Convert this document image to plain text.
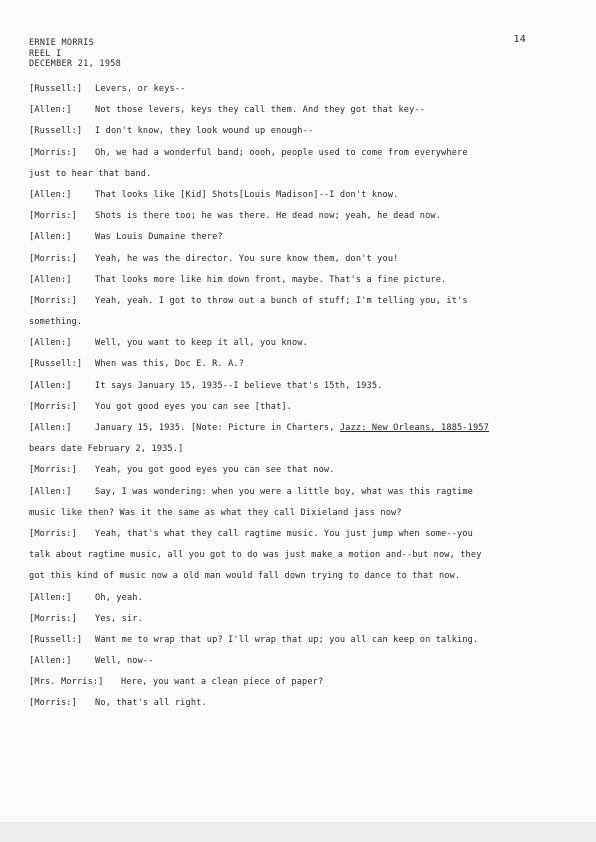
14
ERNIE MORRIS
REEL I
DECEMBER 21, 1958
[Russell:] Levers, or keys--
[Allen:]	Not those levers, keys they call them. And they got that key--
[Russell:] I don't know, they look wound up enough--
[Morris:] Oh, we had a wonderful band; oooh, people used to come from everywhere
just to hear that band.
[Allen:]	That looks like [Kid] Shots[Louis Madison]--I don't know.
[Morris:] Shots is there too; he was there. He dead now; yeah, he dead now.
[Allen:]	Was Louis Dumaine there?
[Morris:] Yeah, he was the director. You sure know them, don't you!
[Allen:]	That looks more like him down front, maybe. That's a fine picture.
[Morris:] Yeah, yeah. I got to throw out a bunch of stuff; I'm telling you, it's
something.
[Allen:]	Well, you want to keep it all, you know.
[Russell:] When was this, Doc E. R. A.?
[Allen:]	It says January 15, 1935--I believe that's 15th, 1935.
[Morris:] You got good eyes you can see [that].
[Allen:]	January 15, 1935. [Note: Picture in Charters, Jazz: New Orleans, 1885-1957
bears date February 2, 1935.]
[Morris:] Yeah, you got good eyes you can see that now.
[Allen:]	Say, I was wondering: when you were a little boy, what was this ragtime
music like then? Was it the same as what they call Dixieland jass now?
[Morris:] Yeah, that's what they call ragtime music. You just jump when some--you
talk about ragtime music, all you got to do was just make a motion and--but now, they
got this kind of music now a old man would fall down trying to dance to that now.
[Allen:]	Oh, yeah.
[Morris:] Yes, sir.
[Russell:] Want me to wrap that up? I'll wrap that up; you all can keep on talking.
[Allen:]	Well, now--
[Mrs. Morris:] Here, you want a clean piece of paper?
[Morris:] No, that's all right.
